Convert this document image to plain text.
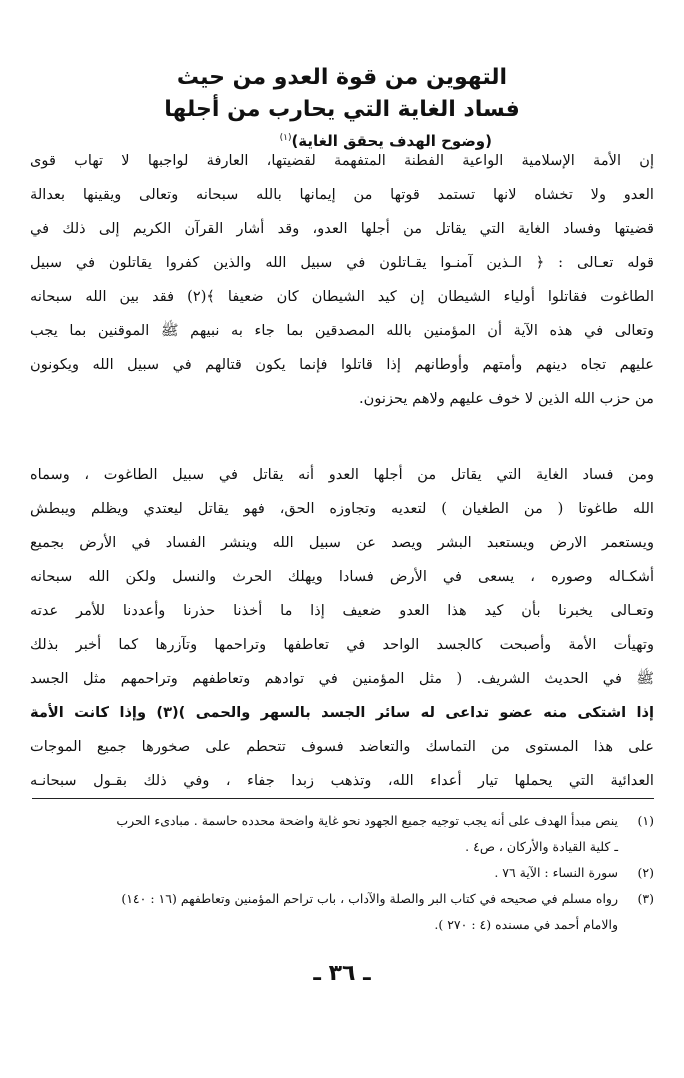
التهوين من قوة العدو من حيث
فساد الغاية التي يحارب من أجلها

(وضوح الهدف يحقق الغاية)$^{(١)}$

إن الأمة الإسلامية الواعية الفطنة المتفهمة لقضيتها، العارفة لواجبها لا تهاب قوى
العدو ولا تخشاه لانها تستمد قوتها من إيمانها بالله سبحانه وتعالى ويقينها بعدالة
قضيتها وفساد الغاية التي يقاتل من أجلها العدو، وقد أشار القرآن الكريم إلى ذلك في
قوله تعـالى : ﴿ الـذين آمنـوا يقـاتلون في سبيل الله والذين كفروا يقاتلون في سبيل
الطاغوت فقاتلوا أولياء الشيطان إن كيد الشيطان كان ضعيفا ﴾(٢) فقد بين الله سبحانه
وتعالى في هذه الآية أن المؤمنين بالله المصدقين بما جاء به نبيهم ﷺ الموقنين بما يجب
عليهم تجاه دينهم وأمتهم وأوطانهم إذا قاتلوا فإنما يكون قتالهم في سبيل الله ويكونون
من حزب الله الذين لا خوف عليهم ولاهم يحزنون.
ومن فساد الغاية التي يقاتل من أجلها العدو أنه يقاتل في سبيل الطاغوت ، وسماه
الله طاغوتا ( من الطغيان ) لتعديه وتجاوزه الحق، فهو يقاتل ليعتدي ويظلم ويبطش
ويستعمر الارض ويستعبد البشر ويصد عن سبيل الله وينشر الفساد في الأرض بجميع
أشكـاله وصوره ، يسعى في الأرض فسادا ويهلك الحرث والنسل ولكن الله سبحانه
وتعـالى يخبرنا بأن كيد هذا العدو ضعيف إذا ما أخذنا حذرنا وأعددنا للأمر عدته
وتهيأت الأمة وأصبحت كالجسد الواحد في تعاطفها وتراحمها وتآزرها كما أخبر بذلك
ﷺ في الحديث الشريف. ( مثل المؤمنين في توادهم وتعاطفهم وتراحمهم مثل الجسد
إذا اشتكى منه عضو تداعى له سائر الجسد بالسهر والحمى )(٣) وإذا كانت الأمة
على هذا المستوى من التماسك والتعاضد فسوف تتحطم على صخورها جميع الموجات
العدائية التي يحملها تيار أعداء الله، وتذهب زبدا جفاء ، وفي ذلك بقـول سبحانـه
(١)
ينص مبدأ الهدف على أنه يجب توجيه جميع الجهود نحو غاية واضحة محدده حاسمة . مبادىء الحرب
ـ كلية القيادة والأركان ، ص٤ .
(٢)
سورة النساء : الآية ٧٦ .
(٣)
رواه مسلم في صحيحه في كتاب البر والصلة والآداب ، باب تراحم المؤمنين وتعاطفهم (١٦ : ١٤٠)
والامام أحمد في مسنده (٤ : ٢٧٠ ).
ـ ٣٦ ـ
